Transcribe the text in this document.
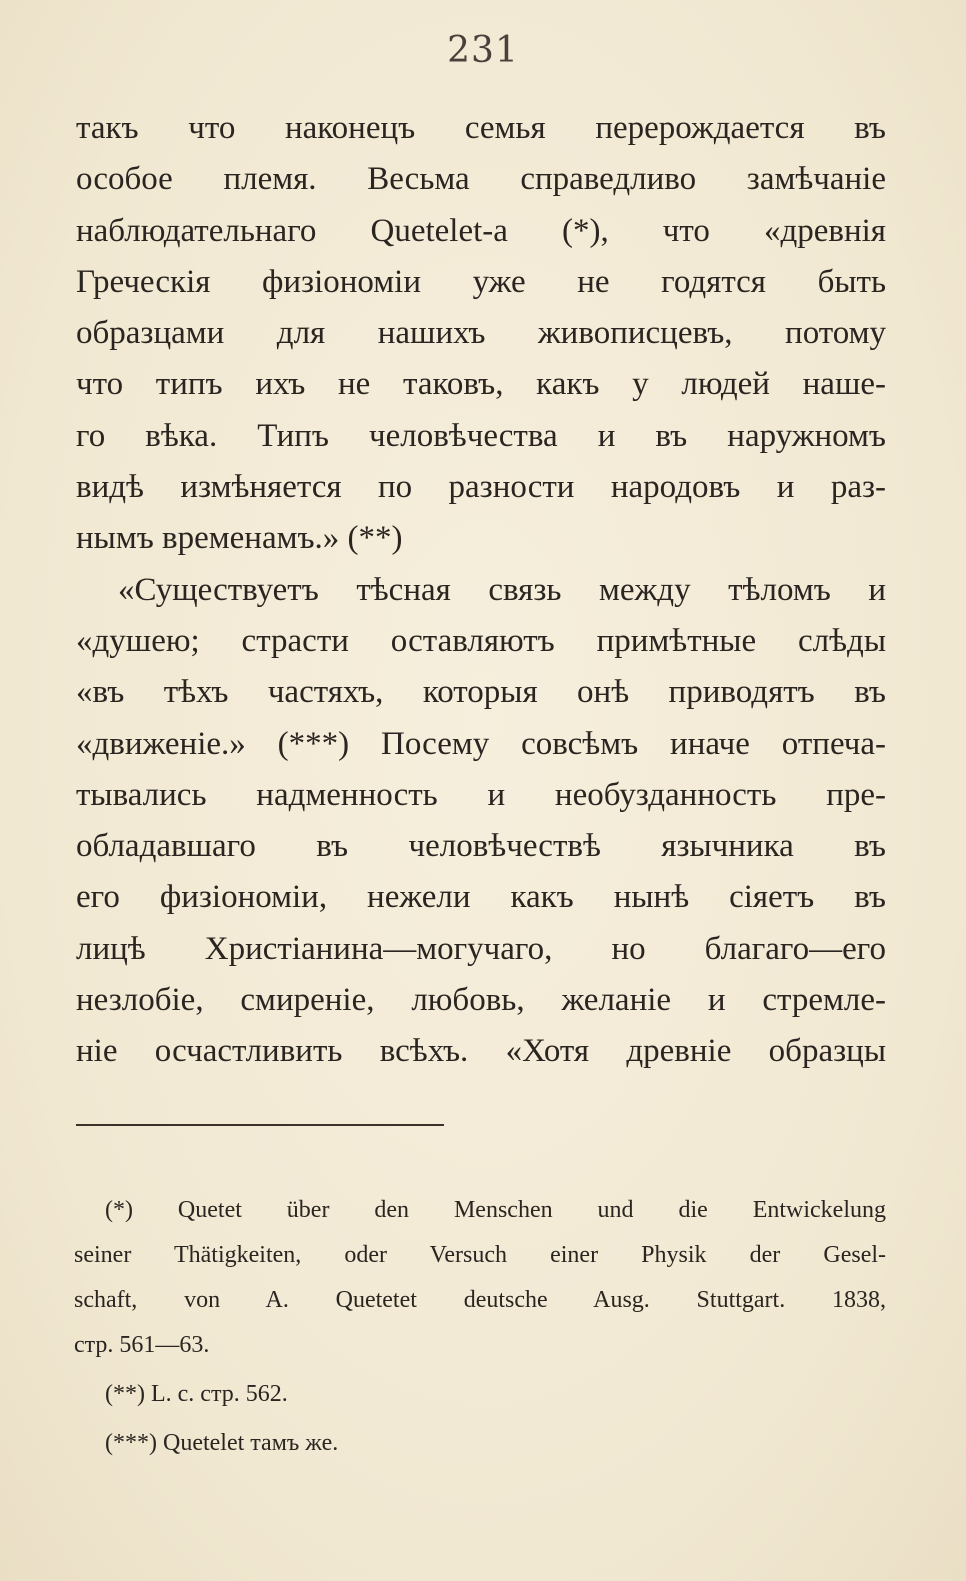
231
такъ что наконецъ семья перерождается въ
особое племя. Весьма справедливо замѣчаніе
наблюдательнаго Quetelet-а (*), что «древнія
Греческія физіономіи уже не годятся быть
образцами для нашихъ живописцевъ, потому
что типъ ихъ не таковъ, какъ у людей наше-
го вѣка. Типъ человѣчества и въ наружномъ
видѣ измѣняется по разности народовъ и раз-
нымъ временамъ.» (**)
«Существуетъ тѣсная связь между тѣломъ и
«душею; страсти оставляютъ примѣтные слѣды
«въ тѣхъ частяхъ, которыя онѣ приводятъ въ
«движеніе.» (***) Посему совсѣмъ иначе отпеча-
тывались надменность и необузданность пре-
обладавшаго въ человѣчествѣ язычника въ
его физіономіи, нежели какъ нынѣ сіяетъ въ
лицѣ Христіанина—могучаго, но благаго—его
незлобіе, смиреніе, любовь, желаніе и стремле-
ніе осчастливить всѣхъ. «Хотя древніе образцы
(*) Quetet über den Menschen und die Entwickelung
seiner Thätigkeiten, oder Versuch einer Physik der Gesel-
schaft, von A. Quetetet deutsche Ausg. Stuttgart. 1838,
стр. 561—63.
(**) L. c. стр. 562.
(***) Quetelet тамъ же.
